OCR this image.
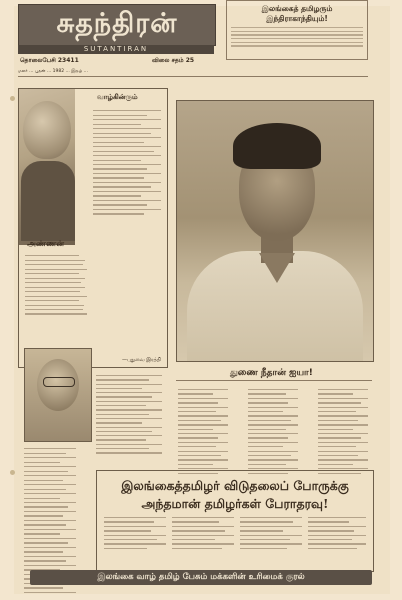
சுதந்திரன்
SUTANTIRAN
தொலைபேசி 23411	விலை சதம் 25
மலர் ... புதன் ... 1982 ... இதழ் ...
இலங்கைத் தமிழரும்
இந்திராகாந்தியும்!
வாழ்கின்ரும்
அண்ணன்
—புதுவை இரத்தி
துணை நீதான் ஐயா!
இலங்கைத்தமிழர் விடுதலைப் போருக்கு
அந்தமான் தமிழர்கள் பேராதரவு!
இலங்கை வாழ் தமிழ் பேசும் மக்களின் உரிமைக் குரல்
